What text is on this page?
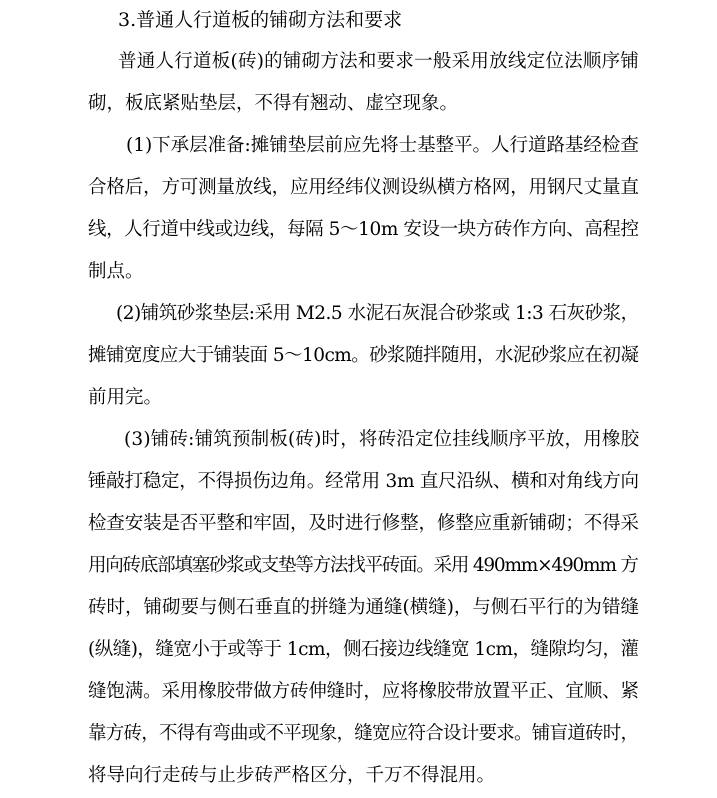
3.普通人行道板的铺砌方法和要求
普通人行道板(砖)的铺砌方法和要求一般采用放线定位法顺序铺
砌，板底紧贴垫层，不得有翘动、虚空现象。
(1)下承层准备:摊铺垫层前应先将士基整平。人行道路基经检查
合格后，方可测量放线，应用经纬仪测设纵横方格网，用钢尺丈量直
线，人行道中线或边线，每隔 5～10m 安设一块方砖作方向、高程控
制点。
(2)铺筑砂浆垫层:采用 M2.5 水泥石灰混合砂浆或 1:3 石灰砂浆，
摊铺宽度应大于铺装面 5～10cm。砂浆随拌随用，水泥砂浆应在初凝
前用完。
(3)铺砖:铺筑预制板(砖)时，将砖沿定位挂线顺序平放，用橡胶
锤敲打稳定，不得损伤边角。经常用 3m 直尺沿纵、横和对角线方向
检查安装是否平整和牢固，及时进行修整，修整应重新铺砌；不得采
用向砖底部填塞砂浆或支垫等方法找平砖面。采用 490mm×490mm 方
砖时，铺砌要与侧石垂直的拼缝为通缝(横缝)，与侧石平行的为错缝
(纵缝)，缝宽小于或等于 1cm，侧石接边线缝宽 1cm，缝隙均匀，灌
缝饱满。采用橡胶带做方砖伸缝时，应将橡胶带放置平正、宜顺、紧
靠方砖，不得有弯曲或不平现象，缝宽应符合设计要求。铺盲道砖时，
将导向行走砖与止步砖严格区分，千万不得混用。
